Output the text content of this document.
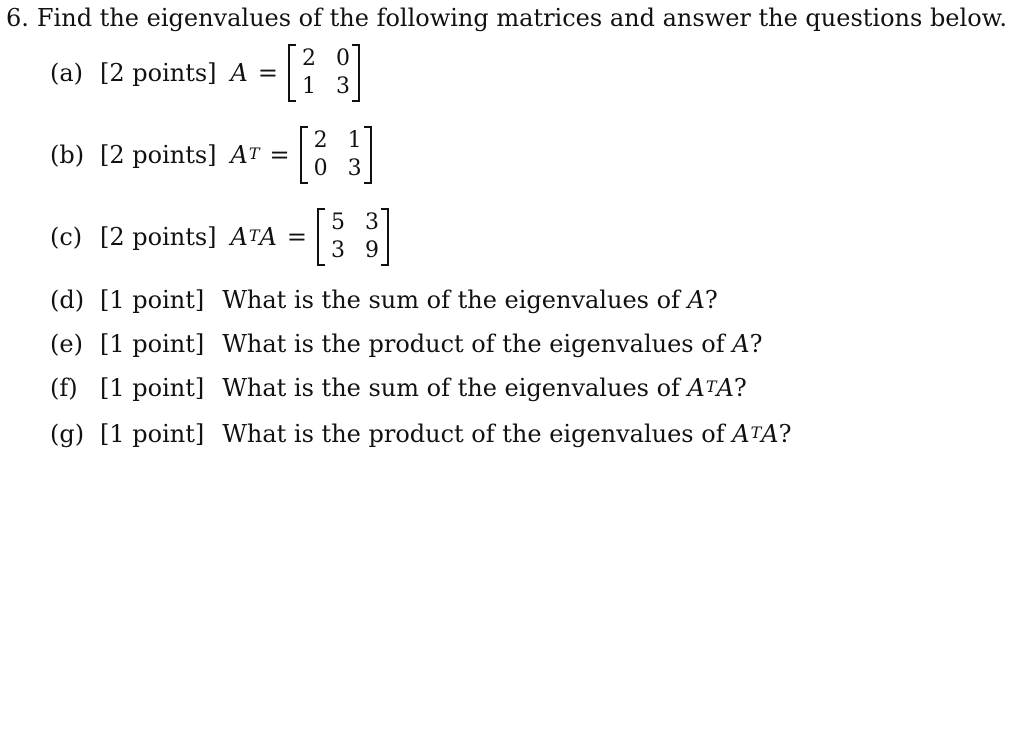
6. Find the eigenvalues of the following matrices and answer the questions below.
(a) [2 points] A =
2 0
1 3
(b) [2 points] A T =
2 1
0 3
(c) [2 points] A T A =
5 3
3 9
(d) [1 point] What is the sum of the eigenvalues of A ?
(e) [1 point] What is the product of the eigenvalues of A ?
(f) [1 point] What is the sum of the eigenvalues of A T A ?
(g) [1 point] What is the product of the eigenvalues of A T A ?
